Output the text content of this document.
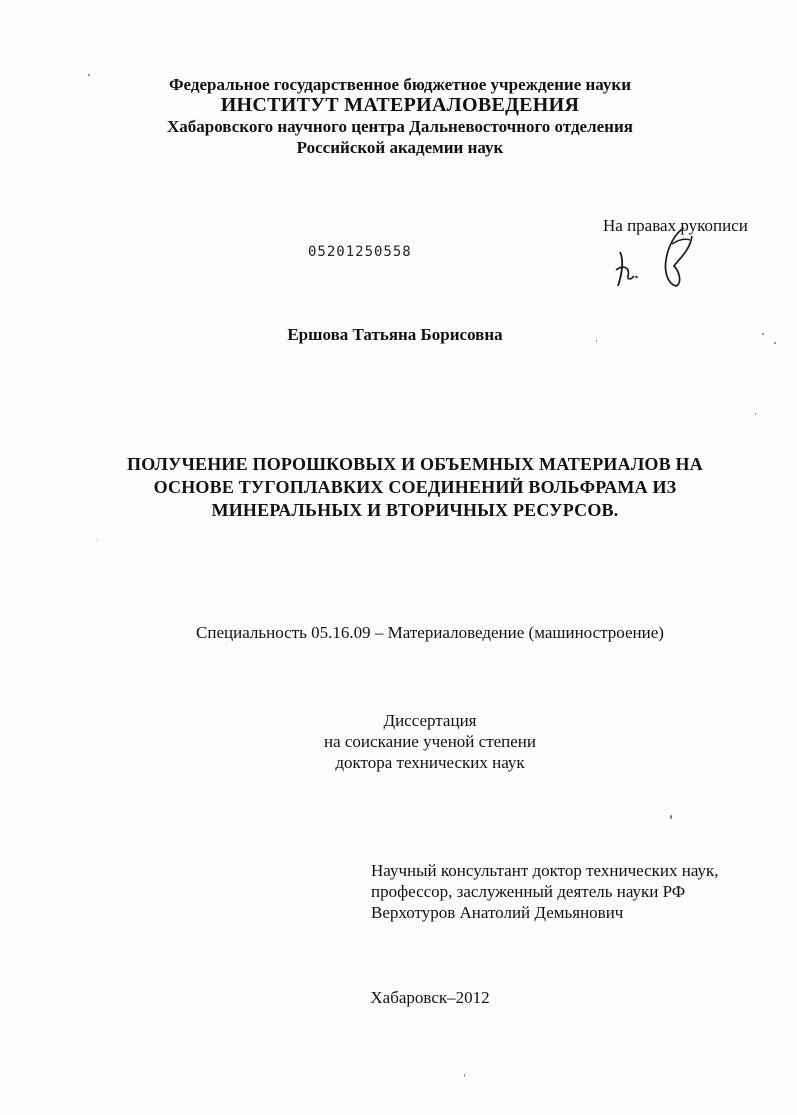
Федеральное государственное бюджетное учреждение науки
ИНСТИТУТ МАТЕРИАЛОВЕДЕНИЯ
Хабаровского научного центра Дальневосточного отделения
Российской академии наук
На правах рукописи
05201250558
Ершова Татьяна Борисовна
ПОЛУЧЕНИЕ ПОРОШКОВЫХ И ОБЪЕМНЫХ МАТЕРИАЛОВ НА
ОСНОВЕ ТУГОПЛАВКИХ СОЕДИНЕНИЙ ВОЛЬФРАМА ИЗ
МИНЕРАЛЬНЫХ И ВТОРИЧНЫХ РЕСУРСОВ.
Специальность 05.16.09 – Материаловедение (машиностроение)
Диссертация
на соискание ученой степени
доктора технических наук
Научный консультант доктор технических наук,
профессор, заслуженный деятель науки РФ
Верхотуров Анатолий Демьянович
Хабаровск–2012
